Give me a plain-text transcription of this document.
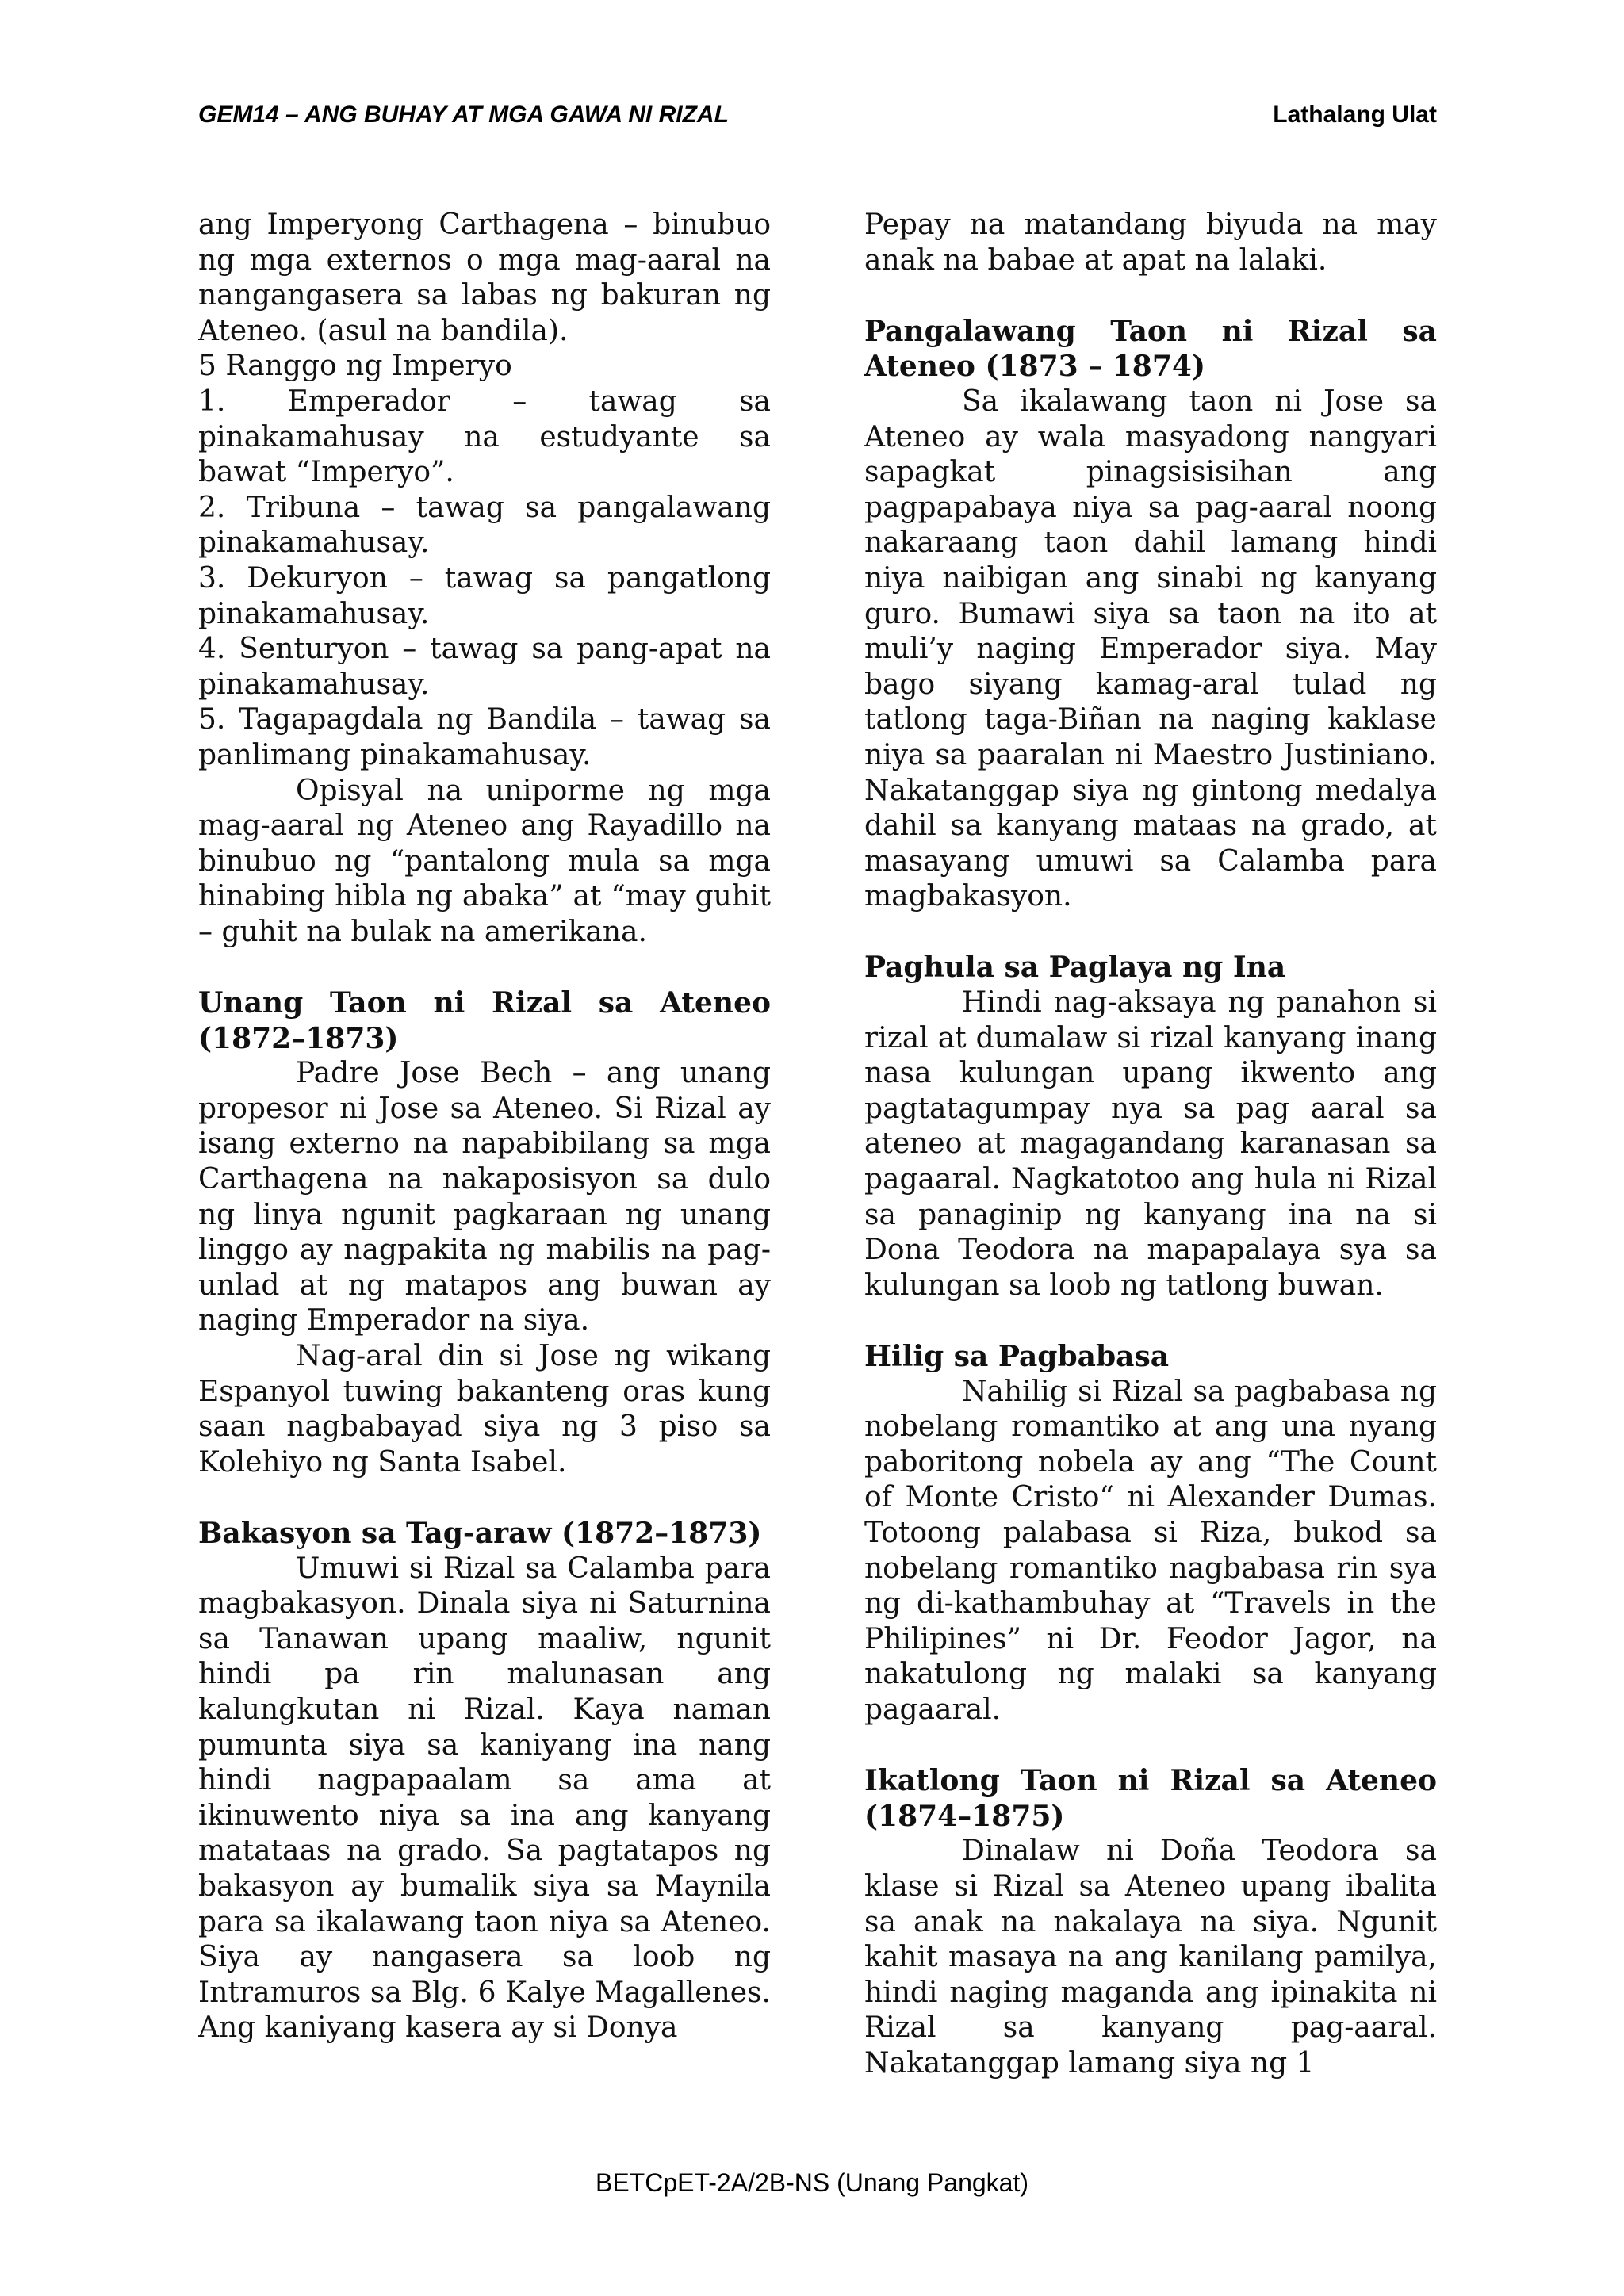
GEM14 – ANG BUHAY AT MGA GAWA NI RIZAL	Lathalang Ulat

ang Imperyong Carthagena – binubuo ng mga externos o mga mag-aaral na nangangasera sa labas ng bakuran ng Ateneo. (asul na bandila).

5 Ranggo ng Imperyo

1. Emperador – tawag sa pinakamahusay na estudyante sa bawat “Imperyo”.

2. Tribuna – tawag sa pangalawang pinakamahusay.

3. Dekuryon – tawag sa pangatlong pinakamahusay.

4. Senturyon – tawag sa pang-apat na pinakamahusay.

5. Tagapagdala ng Bandila – tawag sa panlimang pinakamahusay.

Opisyal na uniporme ng mga mag-aaral ng Ateneo ang Rayadillo na binubuo ng “pantalong mula sa mga hinabing hibla ng abaka” at “may guhit – guhit na bulak na amerikana.

Unang Taon ni Rizal sa Ateneo (1872–1873)

Padre Jose Bech – ang unang propesor ni Jose sa Ateneo. Si Rizal ay isang externo na napabibilang sa mga Carthagena na nakaposisyon sa dulo ng linya ngunit pagkaraan ng unang linggo ay nagpakita ng mabilis na pag-unlad at ng matapos ang buwan ay naging Emperador na siya.

Nag-aral din si Jose ng wikang Espanyol tuwing bakanteng oras kung saan nagbabayad siya ng 3 piso sa Kolehiyo ng Santa Isabel.

Bakasyon sa Tag-araw (1872–1873)

Umuwi si Rizal sa Calamba para magbakasyon. Dinala siya ni Saturnina sa Tanawan upang maaliw, ngunit hindi pa rin malunasan ang kalungkutan ni Rizal. Kaya naman pumunta siya sa kaniyang ina nang hindi nagpapaalam sa ama at ikinuwento niya sa ina ang kanyang matataas na grado. Sa pagtatapos ng bakasyon ay bumalik siya sa Maynila para sa ikalawang taon niya sa Ateneo. Siya ay nangasera sa loob ng Intramuros sa Blg. 6 Kalye Magallenes. Ang kaniyang kasera ay si Donya

Pepay na matandang biyuda na may anak na babae at apat na lalaki.

Pangalawang Taon ni Rizal sa Ateneo (1873 – 1874)

Sa ikalawang taon ni Jose sa Ateneo ay wala masyadong nangyari sapagkat pinagsisisihan ang pagpapabaya niya sa pag-aaral noong nakaraang taon dahil lamang hindi niya naibigan ang sinabi ng kanyang guro. Bumawi siya sa taon na ito at muli’y naging Emperador siya. May bago siyang kamag-aral tulad ng tatlong taga-Biñan na naging kaklase niya sa paaralan ni Maestro Justiniano. Nakatanggap siya ng gintong medalya dahil sa kanyang mataas na grado, at masayang umuwi sa Calamba para magbakasyon.

Paghula sa Paglaya ng Ina

Hindi nag-aksaya ng panahon si rizal at dumalaw si rizal kanyang inang nasa kulungan upang ikwento ang pagtatagumpay nya sa pag aaral sa ateneo at magagandang karanasan sa pagaaral. Nagkatotoo ang hula ni Rizal sa panaginip ng kanyang ina na si Dona Teodora na mapapalaya sya sa kulungan sa loob ng tatlong buwan.

Hilig sa Pagbabasa

Nahilig si Rizal sa pagbabasa ng nobelang romantiko at ang una nyang paboritong nobela ay ang “The Count of Monte Cristo“ ni Alexander Dumas. Totoong palabasa si Riza, bukod sa nobelang romantiko nagbabasa rin sya ng di-kathambuhay at “Travels in the Philipines” ni Dr. Feodor Jagor, na nakatulong ng malaki sa kanyang pagaaral.

Ikatlong Taon ni Rizal sa Ateneo (1874–1875)

Dinalaw ni Doña Teodora sa klase si Rizal sa Ateneo upang ibalita sa anak na nakalaya na siya. Ngunit kahit masaya na ang kanilang pamilya, hindi naging maganda ang ipinakita ni Rizal sa kanyang pag-aaral. Nakatanggap lamang siya ng 1

BETCpET-2A/2B-NS (Unang Pangkat)
